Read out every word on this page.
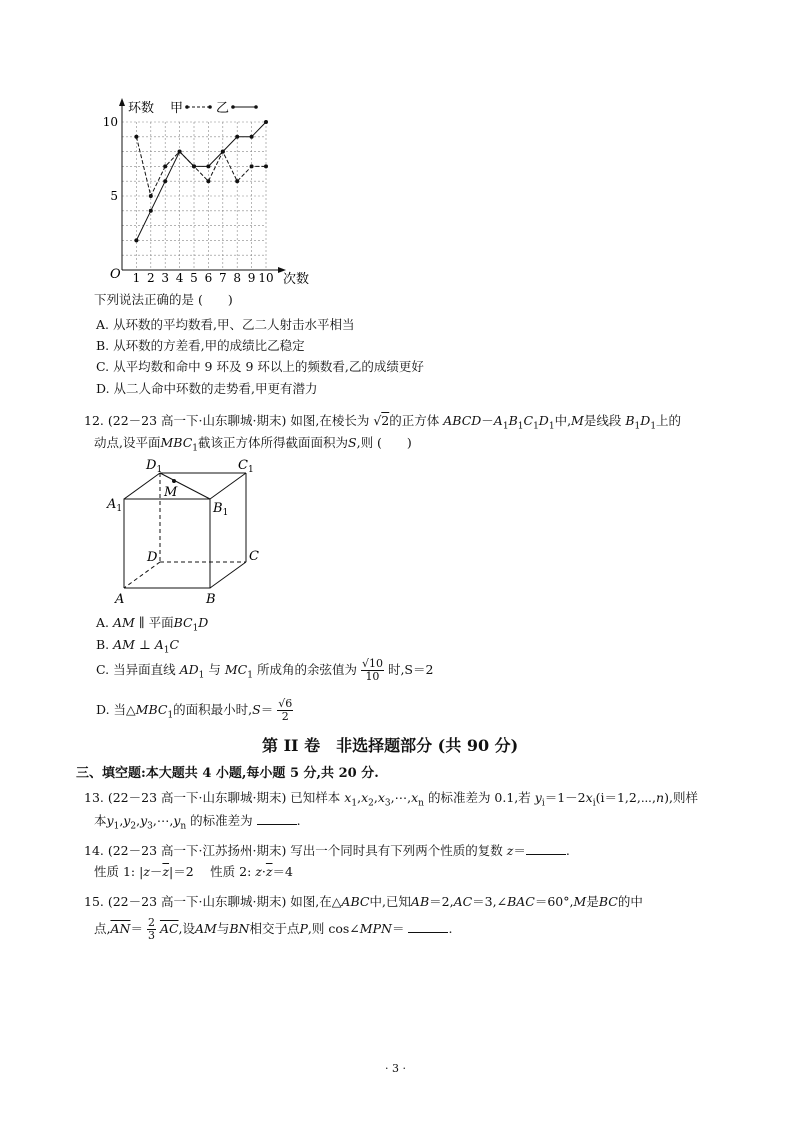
环数 甲	乙
O	次数
1 2 3 4 5 6 7 8 9 10
5
10
下列说法正确的是 (　　)
A. 从环数的平均数看,甲、乙二人射击水平相当
B. 从环数的方差看,甲的成绩比乙稳定
C. 从平均数和命中 9 环及 9 环以上的频数看,乙的成绩更好
D. 从二人命中环数的走势看,甲更有潜力
12. (22－23 高一下·山东聊城·期末) 如图,在棱长为 √2的正方体 $ABCD-A_1B_1C_1D_1$中,M是线段 $B_1D_1$上的
动点,设平面$MBC_1$截该正方体所得截面面积为S,则 (　　)
$D_1$	$C_1$
$A_1$	$B_1$
M
D	C
A	B
A. AM ∥ 平面$BC_1D$
B. AM ⊥ $A_1C$
C. 当异面直线 $AD_1$ 与 $MC_1$ 所成角的余弦值为 $\frac{√10}{10}$ 时,S＝2
D. 当$\triangle MBC_1$的面积最小时$,S= \frac{√6}{2}$
第 II 卷　非选择题部分 (共 90 分)
三、填空题:本大题共 4 小题,每小题 5 分,共 20 分.
13. (22－23 高一下·山东聊城·期末) 已知样本 $x_1,x_2,x_3,\cdots,x_n$ 的标准差为 0.1,若 $y_i=1-2x_i(i=1,2,\cdots,n)$,则样
本$y_1,y_2,y_3,\cdots,y_n$ 的标准差为	.
14. (22－23 高一下·江苏扬州·期末) 写出一个同时具有下列两个性质的复数 z＝	.
性质 1: $|z-\overline{z}|=2$　 性质 2: $z\cdot\overline{z}=4$
15. (22－23 高一下·山东聊城·期末) 如图,在△ABC中,已知AB＝2,AC＝3,∠BAC＝60°,M是BC的中
点$,\overline{AN}= \frac{2}{3} \overline{AC}$,设AM与BN相交于点P,则 cos∠MPN＝	.
· 3 ·
